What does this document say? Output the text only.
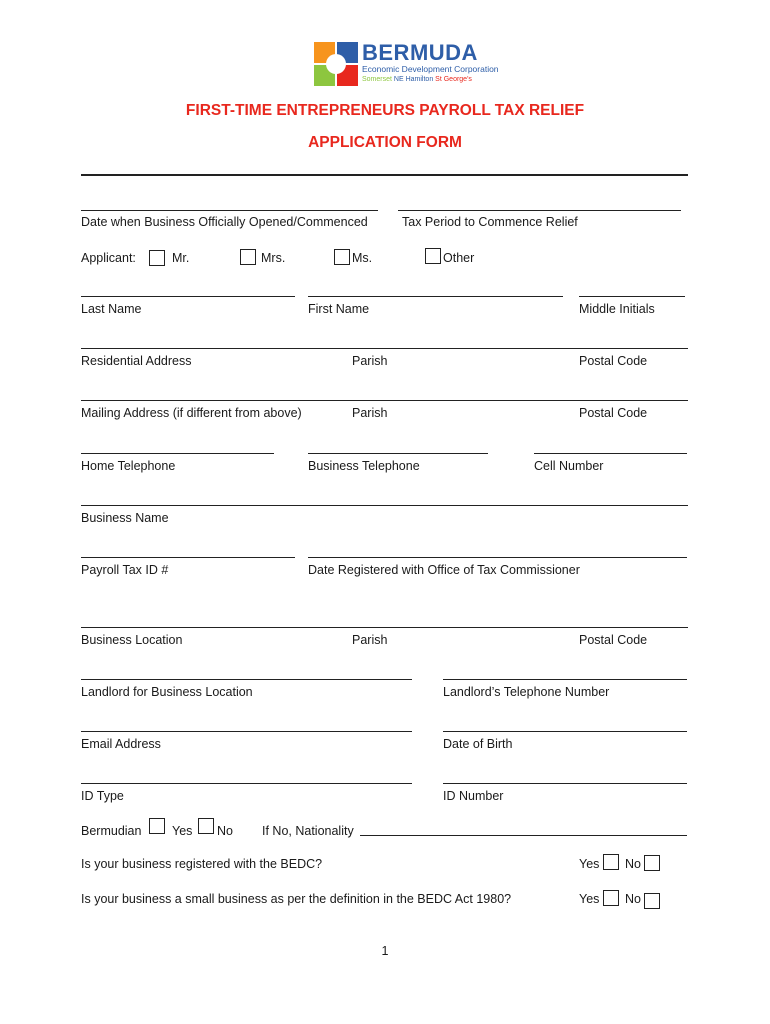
BERMUDA
Economic Development Corporation
Somerset NE Hamilton St George's
FIRST-TIME ENTREPRENEURS PAYROLL TAX RELIEF
APPLICATION FORM
Date when Business Officially Opened/Commenced	Tax Period to Commence Relief
Applicant:	Mr.	Mrs.	Ms.	Other
Last Name	First Name	Middle Initials
Residential Address	Parish	Postal Code
Mailing Address (if different from above)	Parish	Postal Code
Home Telephone	Business Telephone	Cell Number
Business Name
Payroll Tax ID #	Date Registered with Office of Tax Commissioner
Business Location	Parish	Postal Code
Landlord for Business Location	Landlord’s Telephone Number
Email Address	Date of Birth
ID Type	ID Number
Bermudian Yes No If No, Nationality
Is your business registered with the BEDC?	Yes No
Is your business a small business as per the definition in the BEDC Act 1980?	Yes No
1
